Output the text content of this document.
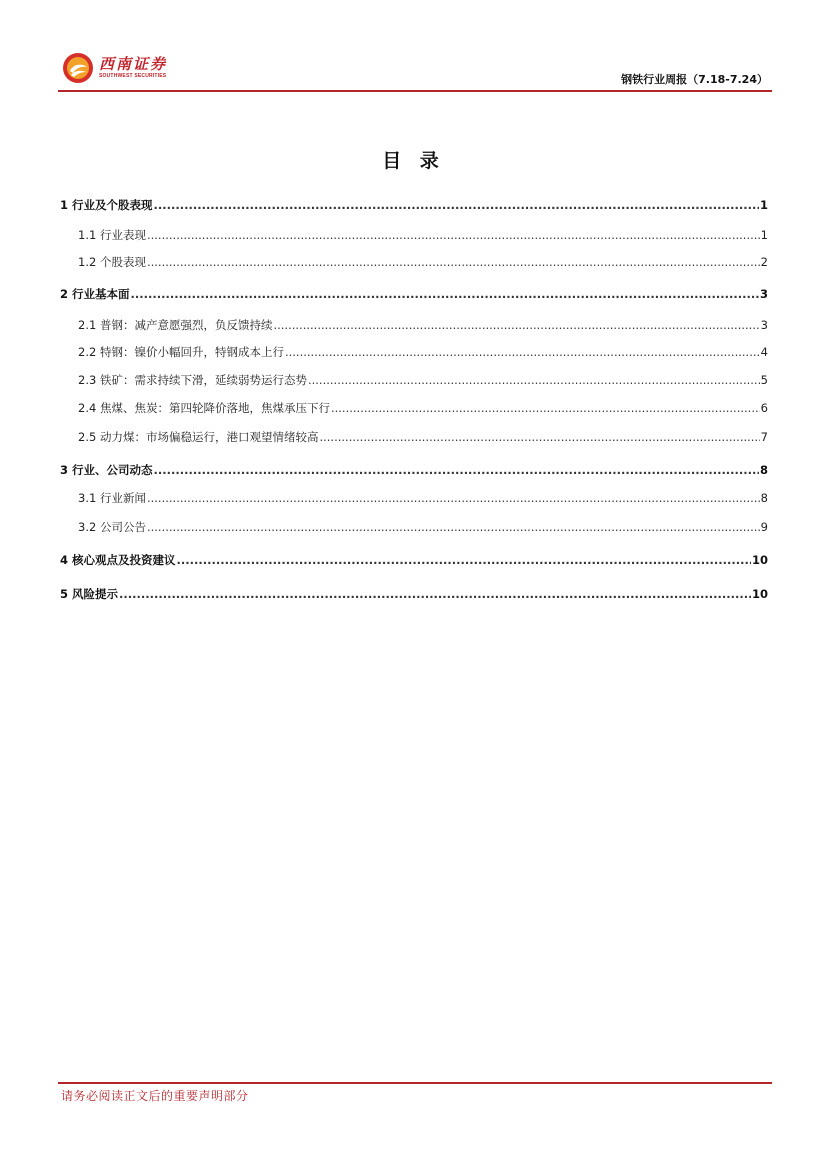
西南证券
SOUTHWEST SECURITIES	钢铁行业周报（7.18-7.24）
目 录
1 行业及个股表现 .....	1
1.1 行业表现 .....	1
1.2 个股表现 .....	2
2 行业基本面 .....	3
2.1 普钢：减产意愿强烈，负反馈持续 .....	3
2.2 特钢：镍价小幅回升，特钢成本上行 .....	4
2.3 铁矿：需求持续下滑，延续弱势运行态势 .....	5
2.4 焦煤、焦炭：第四轮降价落地，焦煤承压下行 .....	6
2.5 动力煤：市场偏稳运行，港口观望情绪较高 .....	7
3 行业、公司动态 .....	8
3.1 行业新闻 .....	8
3.2 公司公告 .....	9
4 核心观点及投资建议 .....	10
5 风险提示 .....	10
请务必阅读正文后的重要声明部分
